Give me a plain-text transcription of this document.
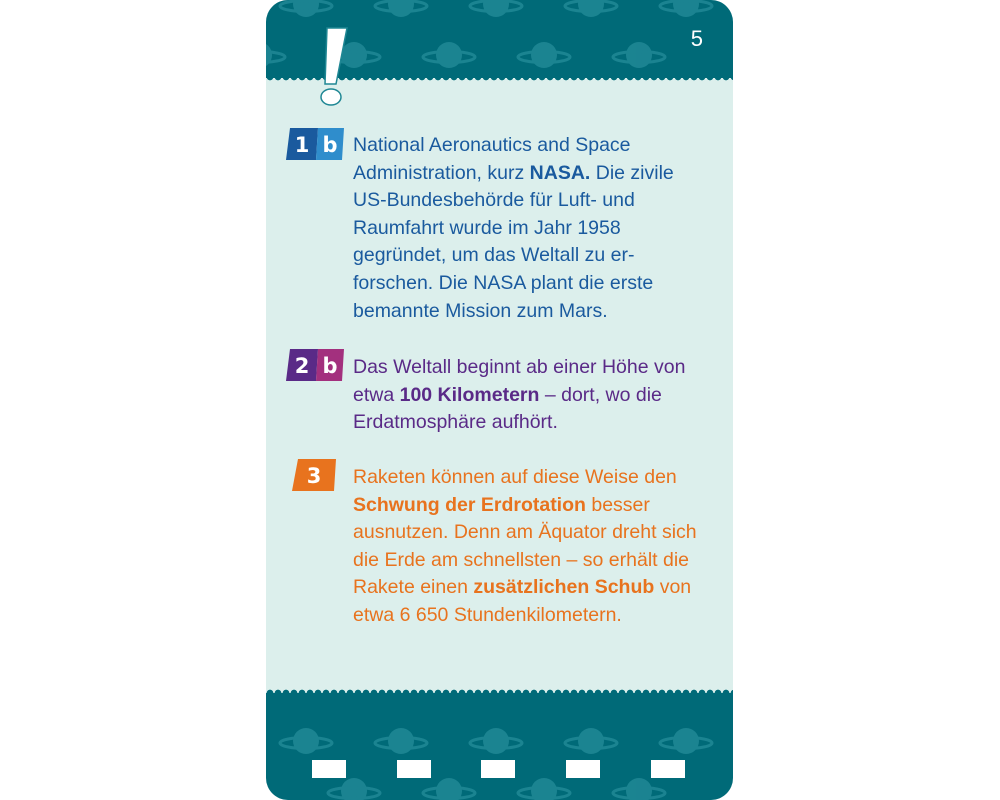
5
1 b National Aeronautics and Space Administration, kurz NASA. Die zivile US-Bundesbehörde für Luft- und Raumfahrt wurde im Jahr 1958 gegründet, um das Weltall zu er- forschen. Die NASA plant die erste bemannte Mission zum Mars.
2 b Das Weltall beginnt ab einer Höhe von etwa 100 Kilometern – dort, wo die Erdatmosphäre aufhört.
3 Raketen können auf diese Weise den Schwung der Erdrotation besser ausnutzen. Denn am Äquator dreht sich die Erde am schnellsten – so erhält die Rakete einen zusätzlichen Schub von etwa 6 650 Stundenkilometern.
